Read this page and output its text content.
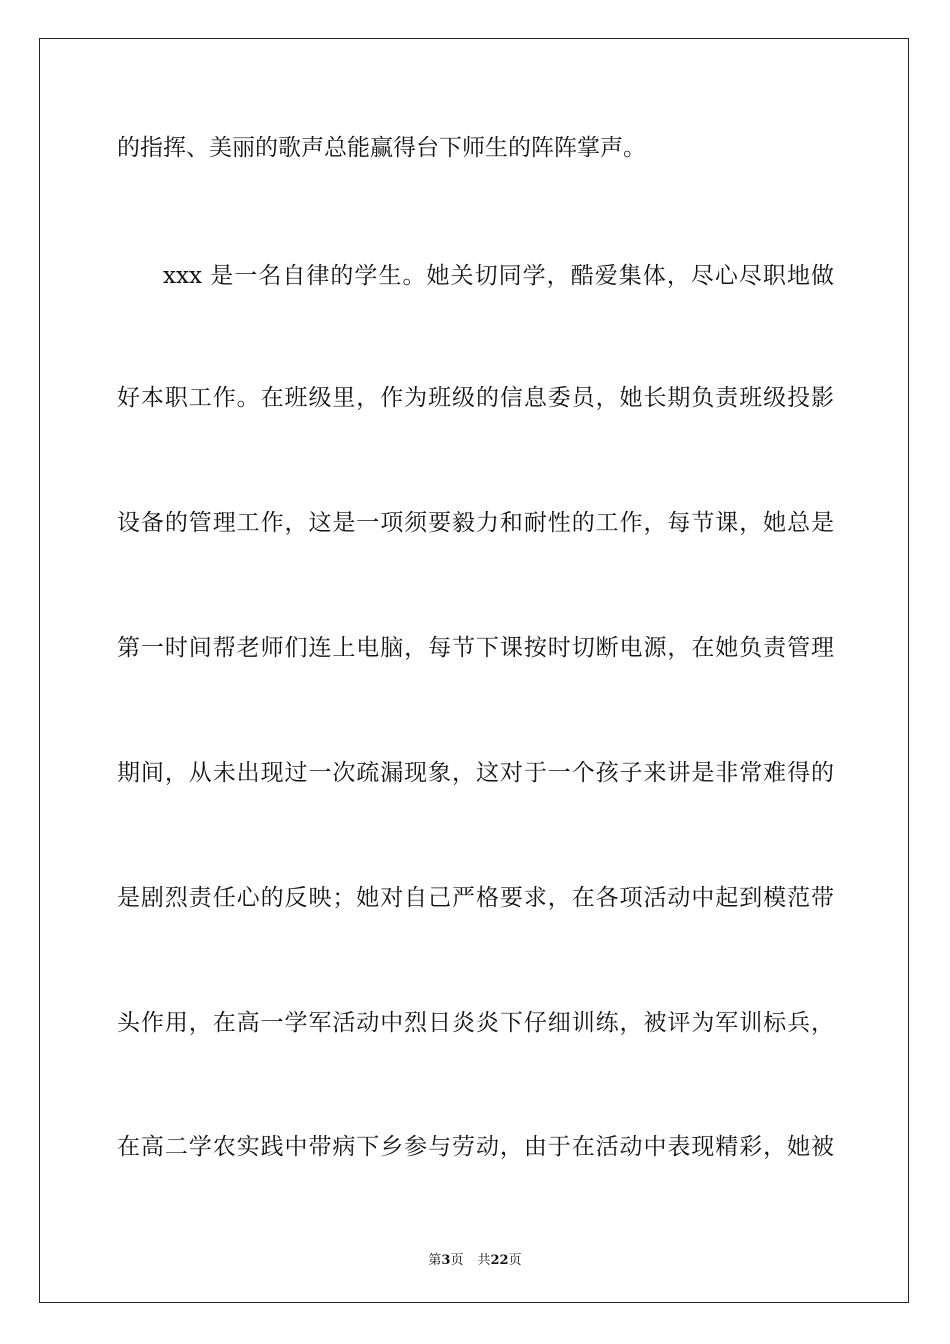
的指挥、美丽的歌声总能赢得台下师生的阵阵掌声。
xxx 是一名自律的学生。她关切同学，酷爱集体，尽心尽职地做
好本职工作。在班级里，作为班级的信息委员，她长期负责班级投影
设备的管理工作，这是一项须要毅力和耐性的工作，每节课，她总是
第一时间帮老师们连上电脑，每节下课按时切断电源，在她负责管理
期间，从未出现过一次疏漏现象，这对于一个孩子来讲是非常难得的
是剧烈责任心的反映；她对自己严格要求，在各项活动中起到模范带
头作用，在高一学军活动中烈日炎炎下仔细训练，被评为军训标兵，
在高二学农实践中带病下乡参与劳动，由于在活动中表现精彩，她被
第3页 共22页
